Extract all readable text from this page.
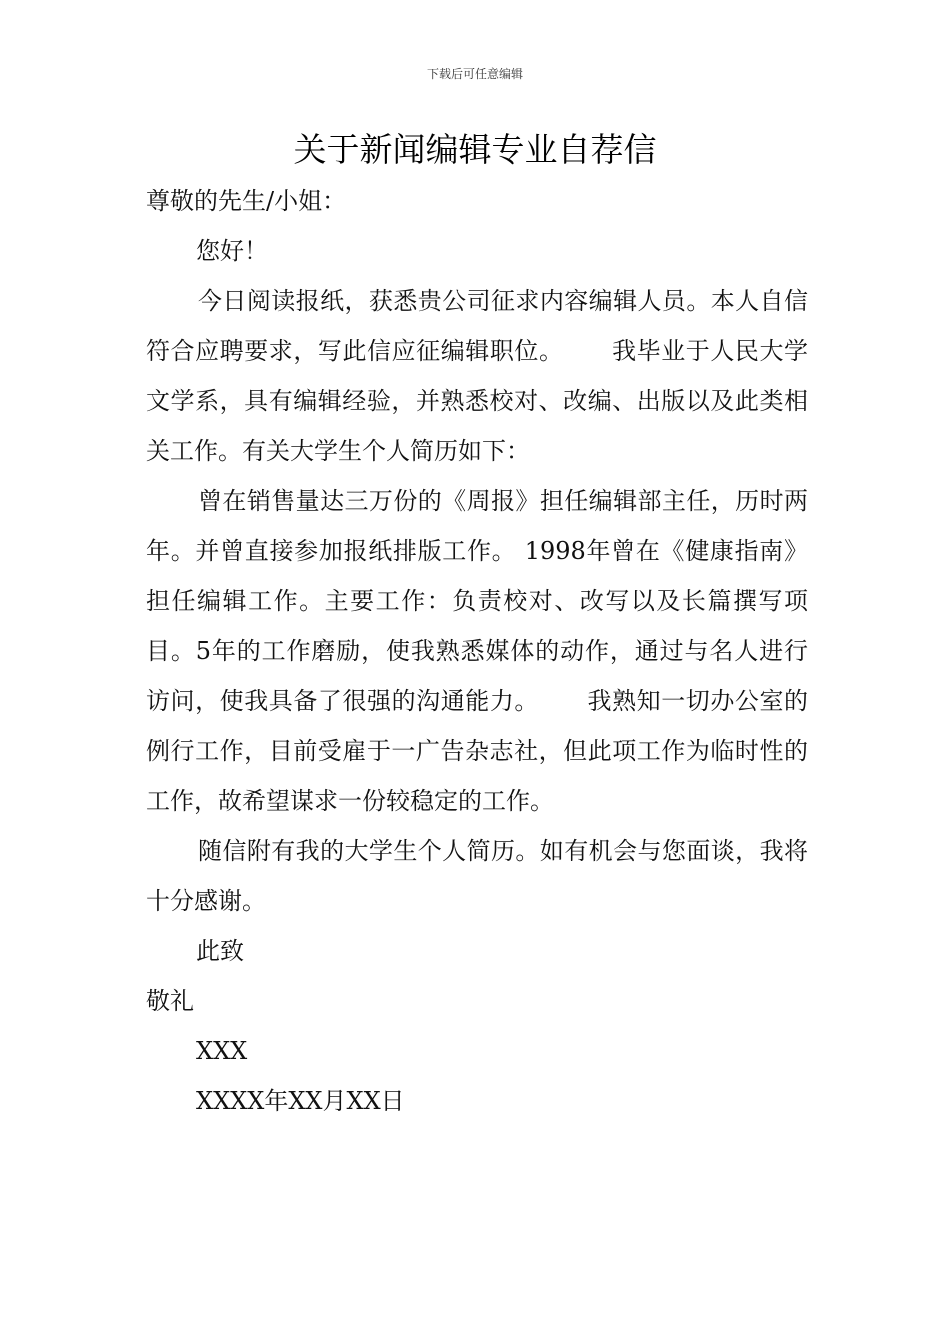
下载后可任意编辑
关于新闻编辑专业自荐信

尊敬的先生/小姐：

您好！

今日阅读报纸，获悉贵公司征求内容编辑人员。本人自信符合应聘要求，写此信应征编辑职位。 我毕业于人民大学文学系，具有编辑经验，并熟悉校对、改编、出版以及此类相关工作。有关大学生个人简历如下：

曾在销售量达三万份的《周报》担任编辑部主任，历时两年。并曾直接参加报纸排版工作。 1998年曾在《健康指南》担任编辑工作。主要工作：负责校对、改写以及长篇撰写项目。5年的工作磨励，使我熟悉媒体的动作，通过与名人进行访问，使我具备了很强的沟通能力。 我熟知一切办公室的例行工作，目前受雇于一广告杂志社，但此项工作为临时性的工作，故希望谋求一份较稳定的工作。

随信附有我的大学生个人简历。如有机会与您面谈，我将十分感谢。

此致

敬礼

XXX

XXXX年XX月XX日
